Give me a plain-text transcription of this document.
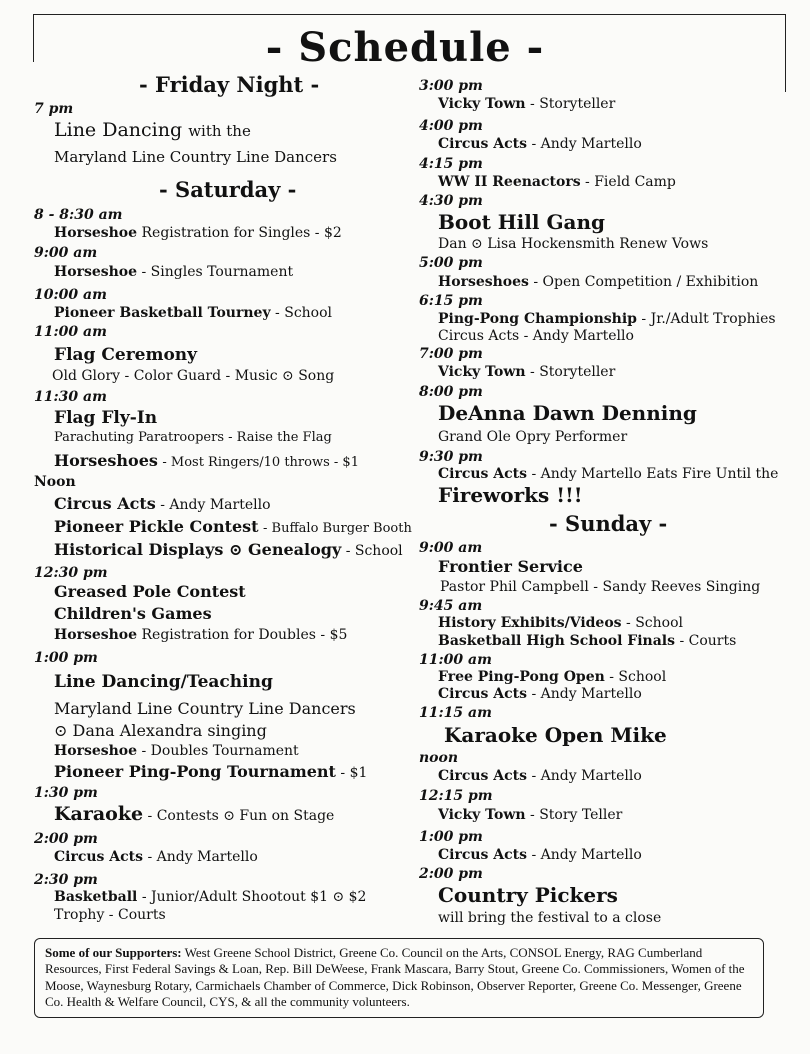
- Schedule -
- Friday Night -
7 pm
Line Dancing with the
Maryland Line Country Line Dancers
- Saturday -
8 - 8:30 am
Horseshoe Registration for Singles - $2
9:00 am
Horseshoe - Singles Tournament
10:00 am
Pioneer Basketball Tourney - School
11:00 am
Flag Ceremony
Old Glory - Color Guard - Music ⊙ Song
11:30 am
Flag Fly-In
Parachuting Paratroopers - Raise the Flag
Horseshoes - Most Ringers/10 throws - $1
Noon
Circus Acts - Andy Martello
Pioneer Pickle Contest - Buffalo Burger Booth
Historical Displays ⊙ Genealogy - School
12:30 pm
Greased Pole Contest
Children's Games
Horseshoe Registration for Doubles - $5
1:00 pm
Line Dancing/Teaching
Maryland Line Country Line Dancers
⊙ Dana Alexandra singing
Horseshoe - Doubles Tournament
Pioneer Ping-Pong Tournament - $1
1:30 pm
Karaoke - Contests ⊙ Fun on Stage
2:00 pm
Circus Acts - Andy Martello
2:30 pm
Basketball - Junior/Adult Shootout $1 ⊙ $2
Trophy - Courts
3:00 pm
Vicky Town - Storyteller
4:00 pm
Circus Acts - Andy Martello
4:15 pm
WW II Reenactors - Field Camp
4:30 pm
Boot Hill Gang
Dan ⊙ Lisa Hockensmith Renew Vows
5:00 pm
Horseshoes - Open Competition / Exhibition
6:15 pm
Ping-Pong Championship - Jr./Adult Trophies
Circus Acts - Andy Martello
7:00 pm
Vicky Town - Storyteller
8:00 pm
DeAnna Dawn Denning
Grand Ole Opry Performer
9:30 pm
Circus Acts - Andy Martello Eats Fire Until the
Fireworks !!!
- Sunday -
9:00 am
Frontier Service
Pastor Phil Campbell - Sandy Reeves Singing
9:45 am
History Exhibits/Videos - School
Basketball High School Finals - Courts
11:00 am
Free Ping-Pong Open - School
Circus Acts - Andy Martello
11:15 am
Karaoke Open Mike
noon
Circus Acts - Andy Martello
12:15 pm
Vicky Town - Story Teller
1:00 pm
Circus Acts - Andy Martello
2:00 pm
Country Pickers
will bring the festival to a close
Some of our Supporters: West Greene School District, Greene Co. Council on the Arts, CONSOL Energy, RAG Cumberland Resources, First Federal Savings & Loan, Rep. Bill DeWeese, Frank Mascara, Barry Stout, Greene Co. Commissioners, Women of the Moose, Waynesburg Rotary, Carmichaels Chamber of Commerce, Dick Robinson, Observer Reporter, Greene Co. Messenger, Greene Co. Health & Welfare Council, CYS, & all the community volunteers.
